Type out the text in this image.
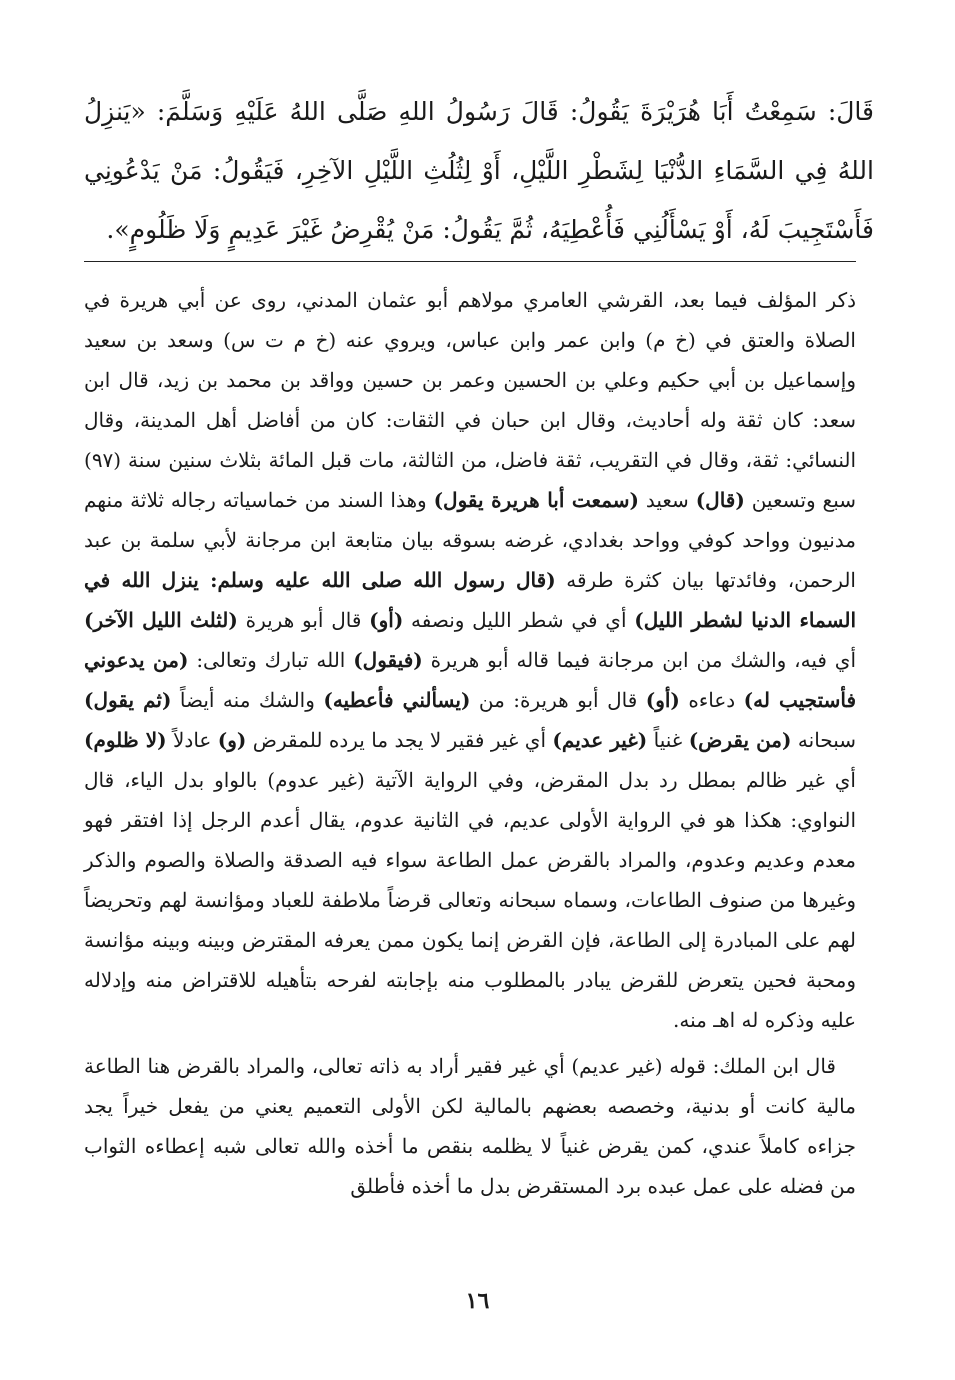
قَالَ: سَمِعْتُ أَبَا هُرَيْرَةَ يَقُولُ: قَالَ رَسُولُ اللهِ صَلَّى اللهُ عَلَيْهِ وَسَلَّمَ: «يَنزِلُ اللهُ فِي السَّمَاءِ الدُّنْيَا لِشَطْرِ اللَّيْلِ، أَوْ لِثُلُثِ اللَّيْلِ الآخِرِ، فَيَقُولُ: مَنْ يَدْعُونِي فَأَسْتَجِيبَ لَهُ، أَوْ يَسْأَلُنِي فَأُعْطِيَهُ، ثُمَّ يَقُولُ: مَنْ يُقْرِضُ غَيْرَ عَدِيمٍ وَلَا ظَلُومٍ».

ذكر المؤلف فيما بعد، القرشي العامري مولاهم أبو عثمان المدني، روى عن أبي هريرة في الصلاة والعتق في (خ م) وابن عمر وابن عباس، ويروي عنه (خ م ت س) وسعد بن سعيد وإسماعيل بن أبي حكيم وعلي بن الحسين وعمر بن حسين وواقد بن محمد بن زيد، قال ابن سعد: كان ثقة وله أحاديث، وقال ابن حبان في الثقات: كان من أفاضل أهل المدينة، وقال النسائي: ثقة، وقال في التقريب، ثقة فاضل، من الثالثة، مات قبل المائة بثلاث سنين سنة (٩٧) سبع وتسعين (قال) سعيد (سمعت أبا هريرة يقول) وهذا السند من خماسياته رجاله ثلاثة منهم مدنيون وواحد كوفي وواحد بغدادي، غرضه بسوقه بيان متابعة ابن مرجانة لأبي سلمة بن عبد الرحمن، وفائدتها بيان كثرة طرقه (قال رسول الله صلى الله عليه وسلم: ينزل الله في السماء الدنيا لشطر الليل) أي في شطر الليل ونصفه (أو) قال أبو هريرة (لثلث الليل الآخر) أي فيه، والشك من ابن مرجانة فيما قاله أبو هريرة (فيقول) الله تبارك وتعالى: (من يدعوني فأستجيب له) دعاءه (أو) قال أبو هريرة: من (يسألني فأعطيه) والشك منه أيضاً (ثم يقول) سبحانه (من يقرض) غنياً (غير عديم) أي غير فقير لا يجد ما يرده للمقرض (و) عادلاً (لا ظلوم) أي غير ظالم بمطل رد بدل المقرض، وفي الرواية الآتية (غير عدوم) بالواو بدل الياء، قال النواوي: هكذا هو في الرواية الأولى عديم، في الثانية عدوم، يقال أعدم الرجل إذا افتقر فهو معدم وعديم وعدوم، والمراد بالقرض عمل الطاعة سواء فيه الصدقة والصلاة والصوم والذكر وغيرها من صنوف الطاعات، وسماه سبحانه وتعالى قرضاً ملاطفة للعباد ومؤانسة لهم وتحريضاً لهم على المبادرة إلى الطاعة، فإن القرض إنما يكون ممن يعرفه المقترض وبينه وبينه مؤانسة ومحبة فحين يتعرض للقرض يبادر بالمطلوب منه بإجابته لفرحه بتأهيله للاقتراض منه وإدلاله عليه وذكره له اهـ منه.

قال ابن الملك: قوله (غير عديم) أي غير فقير أراد به ذاته تعالى، والمراد بالقرض هنا الطاعة مالية كانت أو بدنية، وخصصه بعضهم بالمالية لكن الأولى التعميم يعني من يفعل خيراً يجد جزاءه كاملاً عندي، كمن يقرض غنياً لا يظلمه بنقص ما أخذه والله تعالى شبه إعطاءه الثواب من فضله على عمل عبده برد المستقرض بدل ما أخذه فأطلق

١٦
